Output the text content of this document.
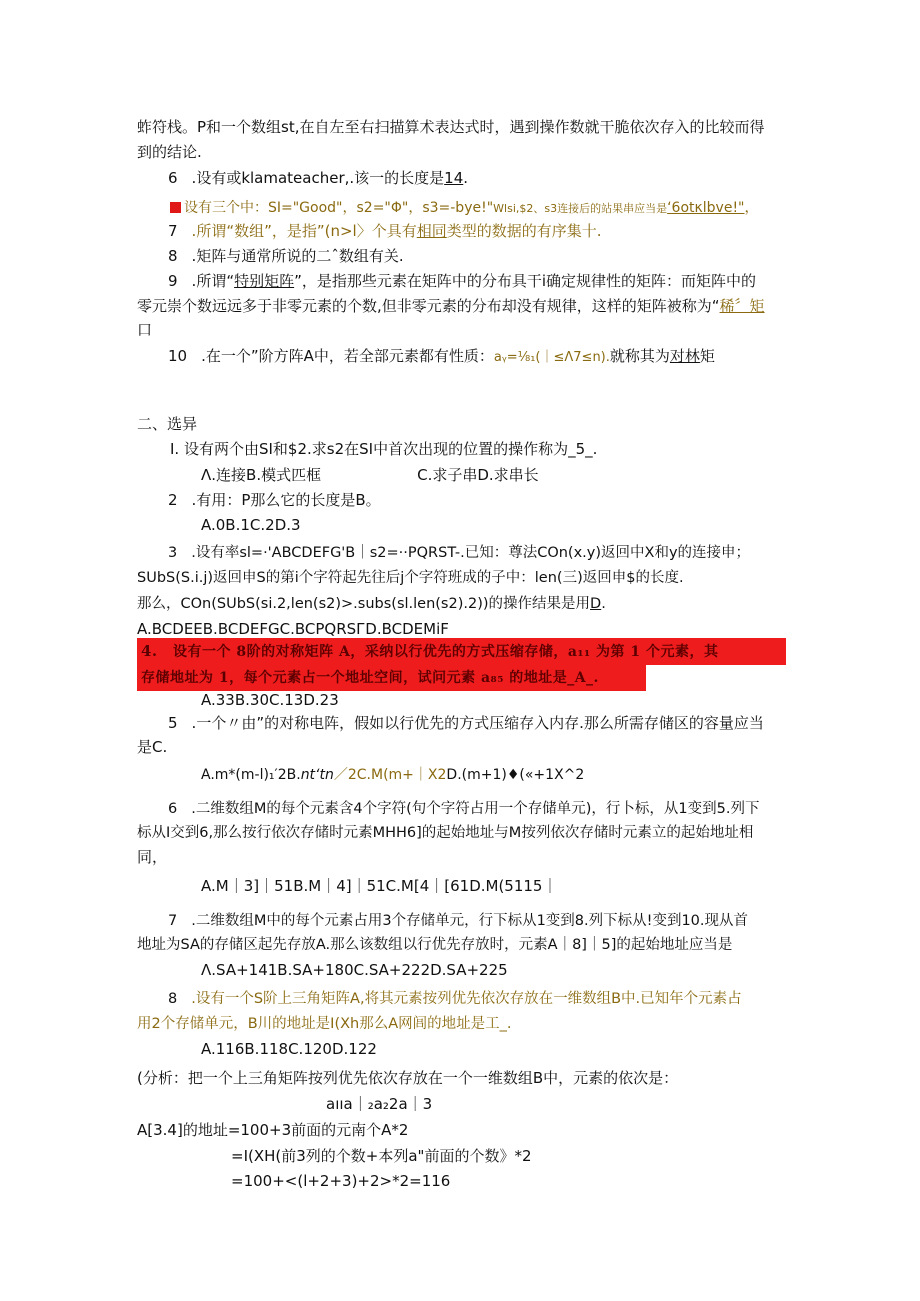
蚱符栈。P和一个数组st,在自左至右扫描算术表达式时，遇到操作数就干脆依次存入的比较而得
到的结论.
6 .设有或klamateacher,.该一的长度是14.
设有三个中：SI="Good"，s2="Φ"，s3=-bye!"Wlsi,$2、s3连接后的站果串应当是‘6otκlbve!"，
7 .所谓“数组”，是指”(n>l〉个具有相同类型的数据的有序集十.
8 .矩阵与通常所说的二ˆ数组有关.
9 .所谓“特别矩阵”，是指那些元素在矩阵中的分布具干i确定规律性的矩阵：而矩阵中的
零元崇个数远远多于非零元素的个数,但非零元素的分布却没有规律，这样的矩阵被称为“稀〞矩
口
10 .在一个”阶方阵A中，若全部元素都有性质：aᵧ=⅛₁(｜≤Λ7≤n).就称其为对林矩
二、选异
I. 设有两个由SI和$2.求s2在SI中首次出现的位置的操作称为_5_.
Λ.连接B.模式匹框	C.求子串D.求串长
2 .有用：P那么它的长度是B。
A.0B.1C.2D.3
3 .设有率sl=·'ABCDEFG'B｜s2=··PQRST-.已知：尊法COn(x.y)返回中X和y的连接申；
SUbS(S.i.j)返回申S的第i个字符起先往后j个字符班成的子中：len(三)返回申$的长度.
那么，COn(SUbS(si.2,len(s2)>.subs(sl.len(s2).2))的操作结果是用D.
A.BCDEEB.BCDEFGC.BCPQRSГD.BCDEMiF
4. 设有一个 8阶的对称矩阵 A，采纳以行优先的方式压缩存储，a₁₁ 为第 1 个元素，其
存储地址为 1，每个元素占一个地址空间，试问元素 a₈₅ 的地址是_A_.
A.33B.30C.13D.23
5 .一个〃由”的对称电阵，假如以行优先的方式压缩存入内存.那么所需存储区的容量应当
是C.
A.m*(m-l)₁′2B.nt‘tn／2C.M(m+｜X2D.(m+1)♦(«+1X^2
6 .二维数组M的每个元素含4个字符(句个字符占用一个存储单元)，行卜标，从1变到5.列下
标从I交到6,那么按行依次存储时元素MHH6]的起始地址与M按列依次存储时元素立的起始地址相
同，
A.M｜3]｜51B.M｜4]｜51C.M[4｜[61D.M(5115｜
7 .二维数组M中的每个元素占用3个存储单元，行下标从1变到8.列下标从!变到10.现从首
地址为SA的存储区起先存放A.那么该数组以行优先存放时，元素A｜8]｜5]的起始地址应当是
Λ.SA+141B.SA+180C.SA+222D.SA+225
8 .设有一个S阶上三角矩阵A,将其元素按列优先依次存放在一维数组B中.已知年个元素占
用2个存储单元，B川的地址是I(Xh那么A网闾的地址是工_.
A.116B.118C.120D.122
(分析：把一个上三角矩阵按列优先依次存放在一个一维数组B中，元素的依次是：
aııa｜₂a₂2a｜3
A[3.4]的地址=100+3前面的元南个A*2
=I(XH(前3列的个数+本列a"前面的个数》*2
=100+<(l+2+3)+2>*2=116
